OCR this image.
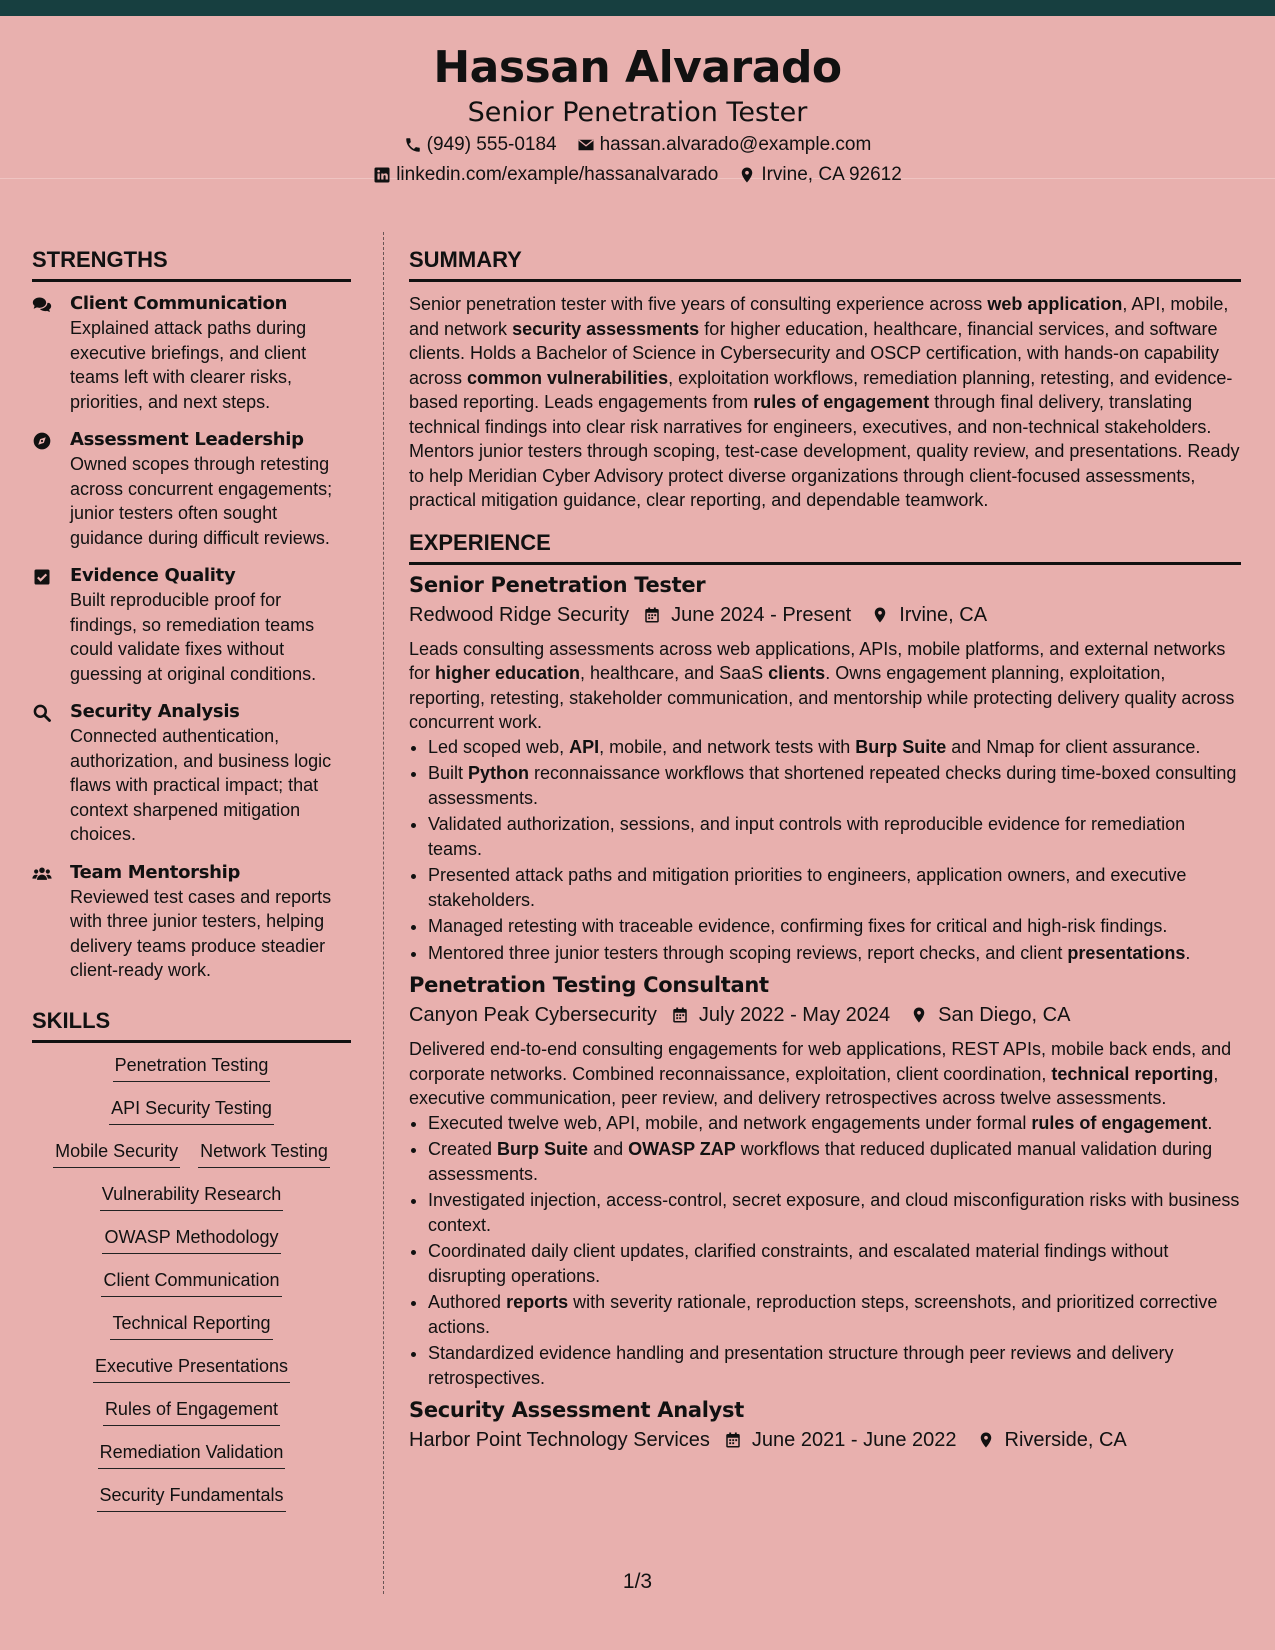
Hassan Alvarado
Senior Penetration Tester
(949) 555-0184 hassan.alvarado@example.com
linkedin.com/example/hassanalvarado Irvine, CA 92612
STRENGTHS
Client Communication
Explained attack paths during executive briefings, and client teams left with clearer risks, priorities, and next steps.
Assessment Leadership
Owned scopes through retesting across concurrent engagements; junior testers often sought guidance during difficult reviews.
Evidence Quality
Built reproducible proof for findings, so remediation teams could validate fixes without guessing at original conditions.
Security Analysis
Connected authentication, authorization, and business logic flaws with practical impact; that context sharpened mitigation choices.
Team Mentorship
Reviewed test cases and reports with three junior testers, helping delivery teams produce steadier client-ready work.
SKILLS
Penetration Testing
API Security Testing
Mobile Security Network Testing
Vulnerability Research
OWASP Methodology
Client Communication
Technical Reporting
Executive Presentations
Rules of Engagement
Remediation Validation
Security Fundamentals
SUMMARY

Senior penetration tester with five years of consulting experience across web application, API, mobile, and network security assessments for higher education, healthcare, financial services, and software clients. Holds a Bachelor of Science in Cybersecurity and OSCP certification, with hands-on capability across common vulnerabilities, exploitation workflows, remediation planning, retesting, and evidence-based reporting. Leads engagements from rules of engagement through final delivery, translating technical findings into clear risk narratives for engineers, executives, and non-technical stakeholders. Mentors junior testers through scoping, test-case development, quality review, and presentations. Ready to help Meridian Cyber Advisory protect diverse organizations through client-focused assessments, practical mitigation guidance, clear reporting, and dependable teamwork.

EXPERIENCE
Senior Penetration Tester
Redwood Ridge Security June 2024 - Present Irvine, CA

Leads consulting assessments across web applications, APIs, mobile platforms, and external networks for higher education, healthcare, and SaaS clients. Owns engagement planning, exploitation, reporting, retesting, stakeholder communication, and mentorship while protecting delivery quality across concurrent work.

• Led scoped web, API, mobile, and network tests with Burp Suite and Nmap for client assurance.
• Built Python reconnaissance workflows that shortened repeated checks during time-boxed consulting assessments.
• Validated authorization, sessions, and input controls with reproducible evidence for remediation teams.
• Presented attack paths and mitigation priorities to engineers, application owners, and executive stakeholders.
• Managed retesting with traceable evidence, confirming fixes for critical and high-risk findings.
• Mentored three junior testers through scoping reviews, report checks, and client presentations.
Penetration Testing Consultant
Canyon Peak Cybersecurity July 2022 - May 2024 San Diego, CA

Delivered end-to-end consulting engagements for web applications, REST APIs, mobile back ends, and corporate networks. Combined reconnaissance, exploitation, client coordination, technical reporting, executive communication, peer review, and delivery retrospectives across twelve assessments.

• Executed twelve web, API, mobile, and network engagements under formal rules of engagement.
• Created Burp Suite and OWASP ZAP workflows that reduced duplicated manual validation during assessments.
• Investigated injection, access-control, secret exposure, and cloud misconfiguration risks with business context.
• Coordinated daily client updates, clarified constraints, and escalated material findings without disrupting operations.
• Authored reports with severity rationale, reproduction steps, screenshots, and prioritized corrective actions.
• Standardized evidence handling and presentation structure through peer reviews and delivery retrospectives.
Security Assessment Analyst
Harbor Point Technology Services June 2021 - June 2022 Riverside, CA
1/3
